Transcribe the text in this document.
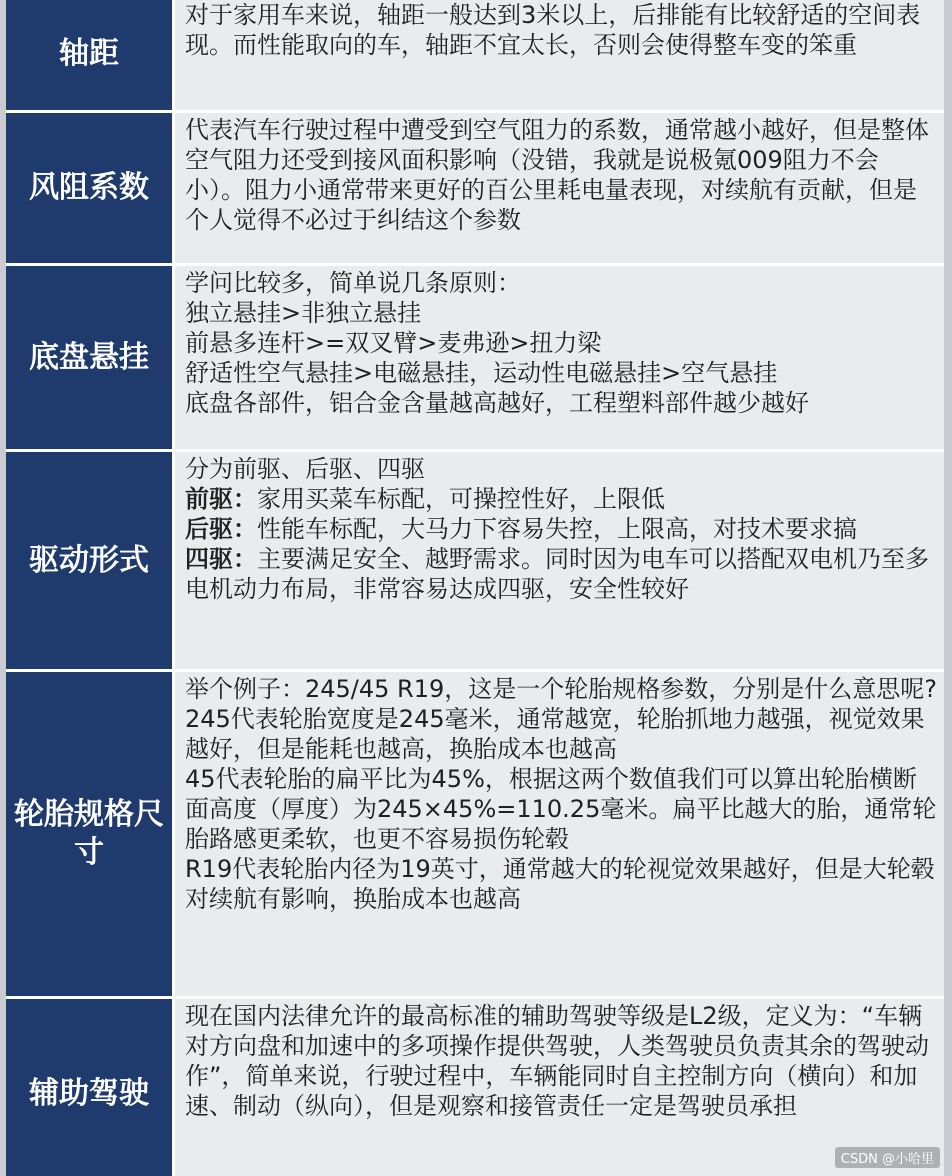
轴距

对于家用车来说，轴距一般达到3米以上，后排能有比较舒适的空间表现。而性能取向的车，轴距不宜太长，否则会使得整车变的笨重

风阻系数

代表汽车行驶过程中遭受到空气阻力的系数，通常越小越好，但是整体空气阻力还受到接风面积影响（没错，我就是说极氪009阻力不会小）。阻力小通常带来更好的百公里耗电量表现，对续航有贡献，但是个人觉得不必过于纠结这个参数

底盘悬挂

学问比较多，简单说几条原则：

独立悬挂>非独立悬挂

前悬多连杆>=双叉臂>麦弗逊>扭力梁

舒适性空气悬挂>电磁悬挂，运动性电磁悬挂>空气悬挂

底盘各部件，铝合金含量越高越好，工程塑料部件越少越好

驱动形式

分为前驱、后驱、四驱

前驱：家用买菜车标配，可操控性好，上限低

后驱：性能车标配，大马力下容易失控，上限高，对技术要求搞

四驱：主要满足安全、越野需求。同时因为电车可以搭配双电机乃至多电机动力布局，非常容易达成四驱，安全性较好

轮胎规格尺寸

举个例子：245/45 R19，这是一个轮胎规格参数，分别是什么意思呢?

245代表轮胎宽度是245毫米，通常越宽，轮胎抓地力越强，视觉效果越好，但是能耗也越高，换胎成本也越高

45代表轮胎的扁平比为45%，根据这两个数值我们可以算出轮胎横断面高度（厚度）为245×45%=110.25毫米。扁平比越大的胎，通常轮胎路感更柔软，也更不容易损伤轮毂

R19代表轮胎内径为19英寸，通常越大的轮视觉效果越好，但是大轮毂对续航有影响，换胎成本也越高

辅助驾驶

现在国内法律允许的最高标准的辅助驾驶等级是L2级，定义为：“车辆对方向盘和加速中的多项操作提供驾驶，人类驾驶员负责其余的驾驶动作”，简单来说，行驶过程中，车辆能同时自主控制方向（横向）和加速、制动（纵向），但是观察和接管责任一定是驾驶员承担

CSDN @小哈里
